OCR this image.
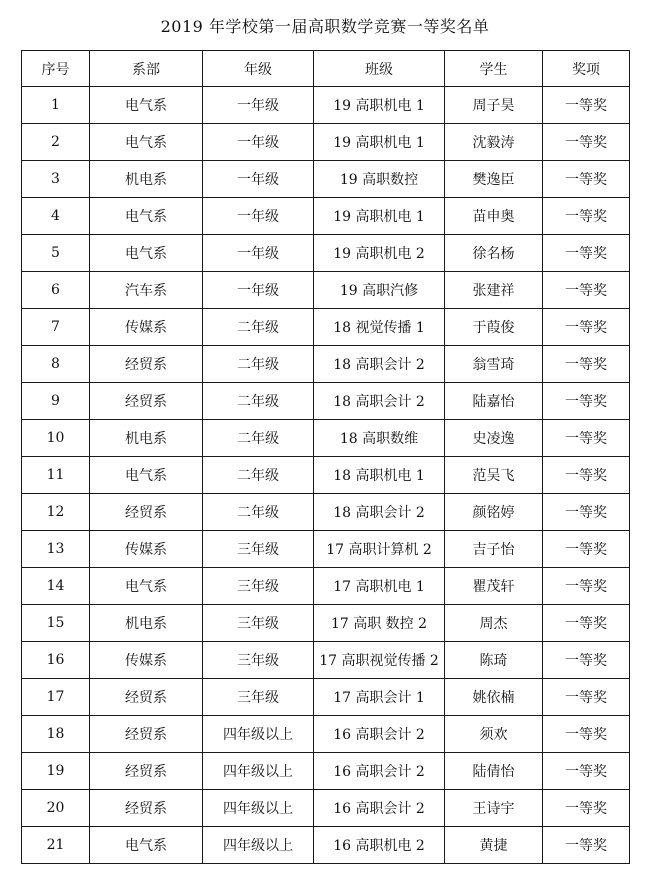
2019 年学校第一届高职数学竞赛一等奖名单
序号	系部	年级	班级	学生	奖项
1	电气系	一年级	19 高职机电 1	周子昊	一等奖
2	电气系	一年级	19 高职机电 1	沈毅涛	一等奖
3	机电系	一年级	19 高职数控	樊逸臣	一等奖
4	电气系	一年级	19 高职机电 1	苗申奥	一等奖
5	电气系	一年级	19 高职机电 2	徐名杨	一等奖
6	汽车系	一年级	19 高职汽修	张建祥	一等奖
7	传媒系	二年级	18 视觉传播 1	于葭俊	一等奖
8	经贸系	二年级	18 高职会计 2	翁雪琦	一等奖
9	经贸系	二年级	18 高职会计 2	陆嘉怡	一等奖
10	机电系	二年级	18 高职数维	史凌逸	一等奖
11	电气系	二年级	18 高职机电 1	范吴飞	一等奖
12	经贸系	二年级	18 高职会计 2	颜铭婷	一等奖
13	传媒系	三年级	17 高职计算机 2	吉子怡	一等奖
14	电气系	三年级	17 高职机电 1	瞿茂轩	一等奖
15	机电系	三年级	17 高职 数控 2	周杰	一等奖
16	传媒系	三年级	17 高职视觉传播 2	陈琦	一等奖
17	经贸系	三年级	17 高职会计 1	姚依楠	一等奖
18	经贸系	四年级以上	16 高职会计 2	须欢	一等奖
19	经贸系	四年级以上	16 高职会计 2	陆倩怡	一等奖
20	经贸系	四年级以上	16 高职会计 2	王诗宇	一等奖
21	电气系	四年级以上	16 高职机电 2	黄捷	一等奖
